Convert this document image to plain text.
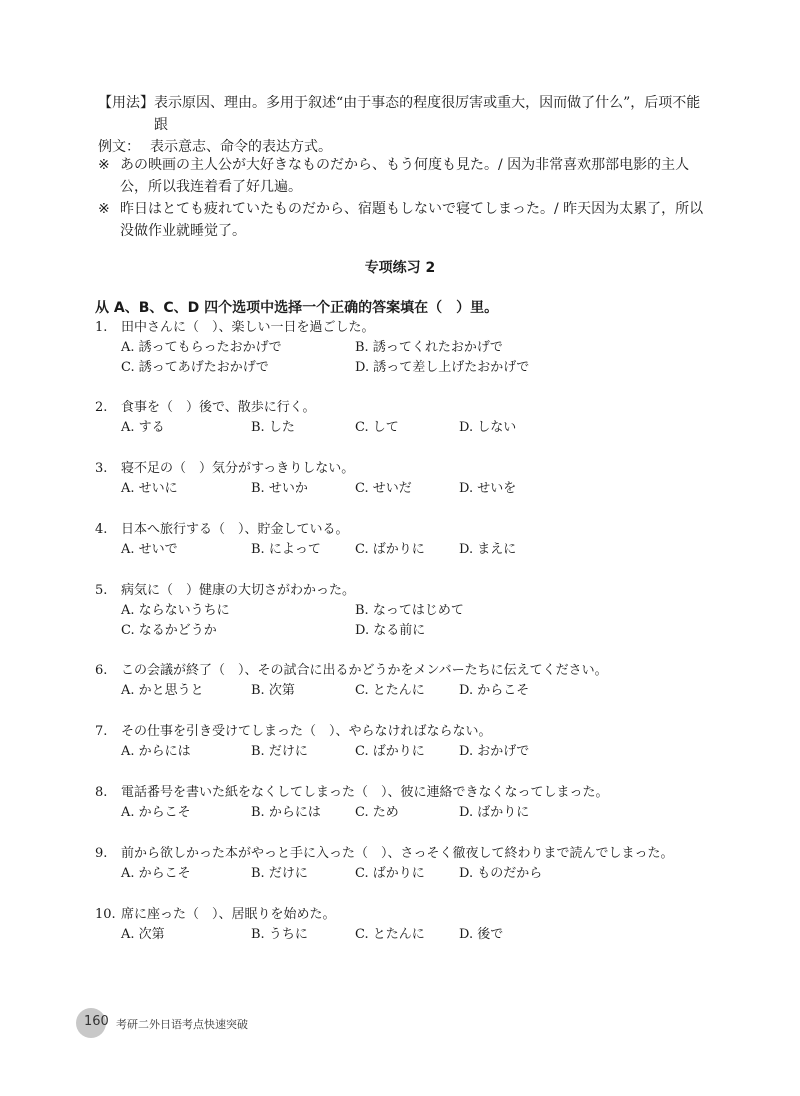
【用法】 表示原因、理由。多用于叙述“由于事态的程度很厉害或重大，因而做了什么”，后项不能跟
表示意志、命令的表达方式。
例文：
※ あの映画の主人公が大好きなものだから、もう何度も見た。/ 因为非常喜欢那部电影的主人公，所以我连着看了好几遍。
※ 昨日はとても疲れていたものだから、宿題もしないで寝てしまった。/ 昨天因为太累了，所以没做作业就睡觉了。
专项练习 2
从 A、B、C、D 四个选项中选择一个正确的答案填在（　）里。
1.	田中さんに（　）、楽しい一日を過ごした。
A. 誘ってもらったおかげで	B. 誘ってくれたおかげで
C. 誘ってあげたおかげで	D. 誘って差し上げたおかげで
2.	食事を（　）後で、散歩に行く。
A. する	B. した	C. して	D. しない
3.	寝不足の（　）気分がすっきりしない。
A. せいに	B. せいか	C. せいだ	D. せいを
4.	日本へ旅行する（　）、貯金している。
A. せいで	B. によって	C. ばかりに	D. まえに
5.	病気に（　）健康の大切さがわかった。
A. ならないうちに	B. なってはじめて
C. なるかどうか	D. なる前に
6.	この会議が終了（　）、その試合に出るかどうかをメンバーたちに伝えてください。
A. かと思うと	B. 次第	C. とたんに	D. からこそ
7.	その仕事を引き受けてしまった（　）、やらなければならない。
A. からには	B. だけに	C. ばかりに	D. おかげで
8.	電話番号を書いた紙をなくしてしまった（　）、彼に連絡できなくなってしまった。
A. からこそ	B. からには	C. ため	D. ばかりに
9.	前から欲しかった本がやっと手に入った（　）、さっそく徹夜して終わりまで読んでしまった。
A. からこそ	B. だけに	C. ばかりに	D. ものだから
10. 席に座った（　）、居眠りを始めた。
A. 次第	B. うちに	C. とたんに	D. 後で
160 考研二外日语考点快速突破
